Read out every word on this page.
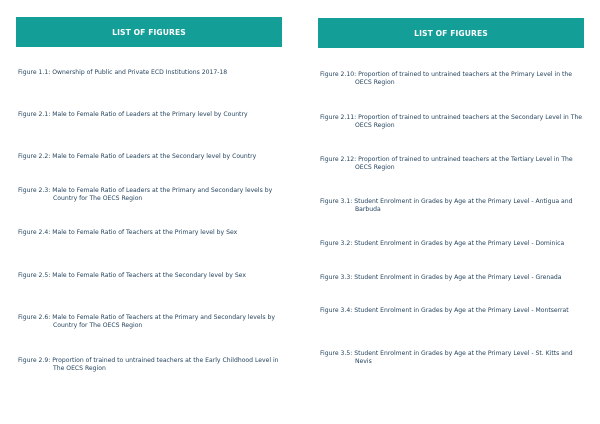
LIST OF FIGURES
Figure 1.1: Ownership of Public and Private ECD Institutions 2017-18
Figure 2.1: Male to Female Ratio of Leaders at the Primary level by Country
Figure 2.2: Male to Female Ratio of Leaders at the Secondary level by Country
Figure 2.3: Male to Female Ratio of Leaders at the Primary and Secondary levels by Country for The OECS Region
Figure 2.4: Male to Female Ratio of Teachers at the Primary level by Sex
Figure 2.5: Male to Female Ratio of Teachers at the Secondary level by Sex
Figure 2.6: Male to Female Ratio of Teachers at the Primary and Secondary levels by Country for The OECS Region
Figure 2.9: Proportion of trained to untrained teachers at the Early Childhood Level in The OECS Region
LIST OF FIGURES
Figure 2.10: Proportion of trained to untrained teachers at the Primary Level in the OECS Region
Figure 2.11: Proportion of trained to untrained teachers at the Secondary Level in The OECS Region
Figure 2.12: Proportion of trained to untrained teachers at the Tertiary Level in The OECS Region
Figure 3.1: Student Enrolment in Grades by Age at the Primary Level - Antigua and Barbuda
Figure 3.2: Student Enrolment in Grades by Age at the Primary Level - Dominica
Figure 3.3: Student Enrolment in Grades by Age at the Primary Level - Grenada
Figure 3.4: Student Enrolment in Grades by Age at the Primary Level - Montserrat
Figure 3.5: Student Enrolment in Grades by Age at the Primary Level - St. Kitts and Nevis
